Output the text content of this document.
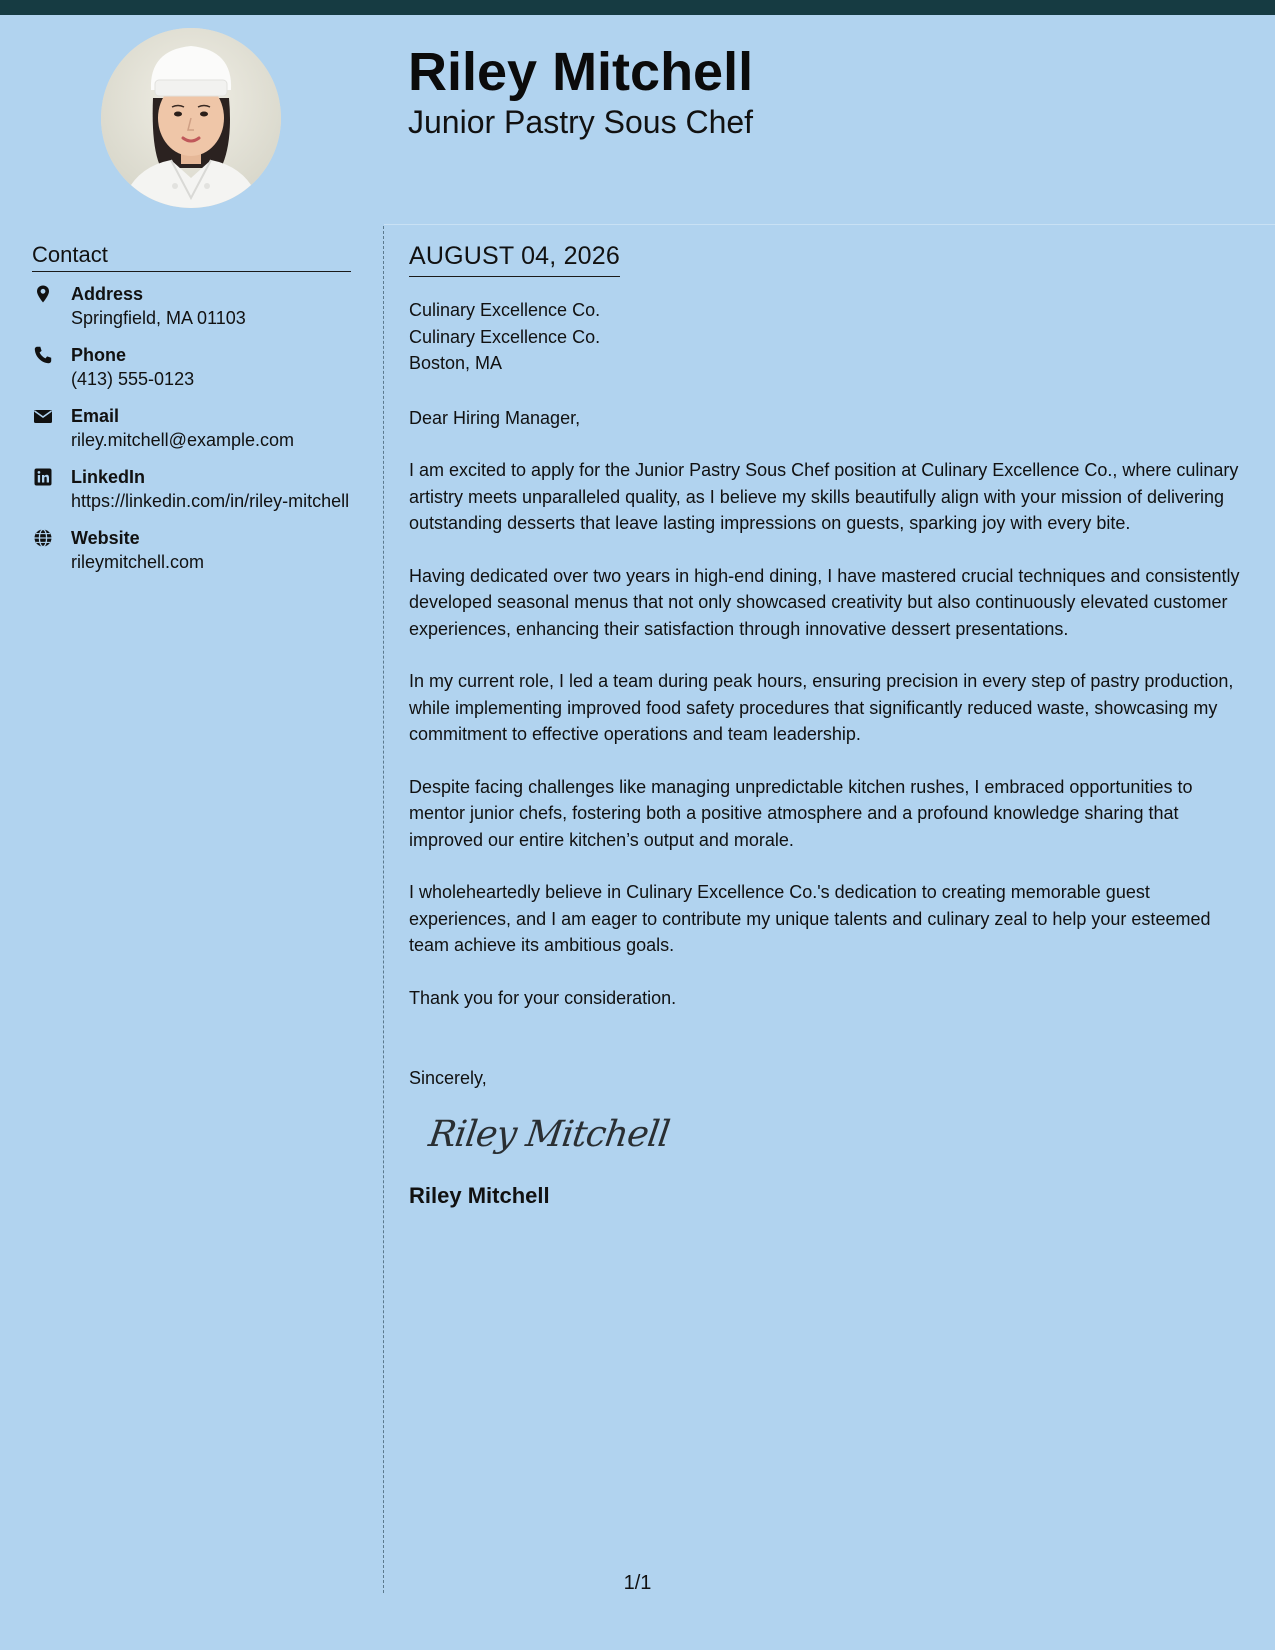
Riley Mitchell
Junior Pastry Sous Chef
Contact
Address
Springfield, MA 01103
Phone
(413) 555-0123
Email
riley.mitchell@example.com
LinkedIn
https://linkedin.com/in/riley-mitchell
Website
rileymitchell.com
AUGUST 04, 2026
Culinary Excellence Co.
Culinary Excellence Co.
Boston, MA
Dear Hiring Manager,

I am excited to apply for the Junior Pastry Sous Chef position at Culinary Excellence Co., where culinary artistry meets unparalleled quality, as I believe my skills beautifully align with your mission of delivering outstanding desserts that leave lasting impressions on guests, sparking joy with every bite.

Having dedicated over two years in high-end dining, I have mastered crucial techniques and consistently developed seasonal menus that not only showcased creativity but also continuously elevated customer experiences, enhancing their satisfaction through innovative dessert presentations.

In my current role, I led a team during peak hours, ensuring precision in every step of pastry production, while implementing improved food safety procedures that significantly reduced waste, showcasing my commitment to effective operations and team leadership.

Despite facing challenges like managing unpredictable kitchen rushes, I embraced opportunities to mentor junior chefs, fostering both a positive atmosphere and a profound knowledge sharing that improved our entire kitchen’s output and morale.

I wholeheartedly believe in Culinary Excellence Co.'s dedication to creating memorable guest experiences, and I am eager to contribute my unique talents and culinary zeal to help your esteemed team achieve its ambitious goals.

Thank you for your consideration.

Sincerely,
Riley Mitchell
Riley Mitchell
1/1
